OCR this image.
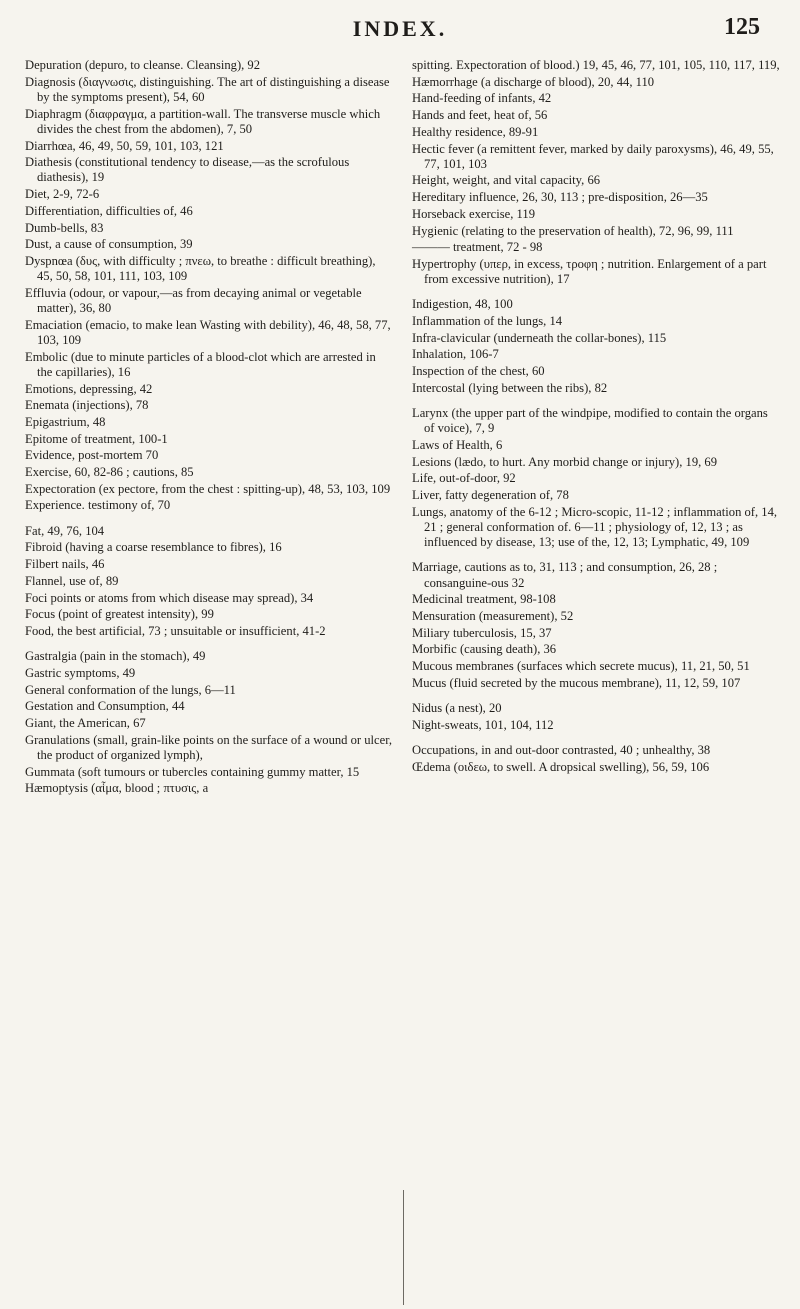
INDEX.	125

Depuration (depuro, to cleanse. Cleansing), 92

Diagnosis (διαγνωσις, distinguishing. The art of distinguishing a disease by the symptoms present), 54, 60

Diaphragm (διαφραγμα, a partition-wall. The transverse muscle which divides the chest from the abdomen), 7, 50

Diarrhœa, 46, 49, 50, 59, 101, 103, 121

Diathesis (constitutional tendency to disease,—as the scrofulous diathesis), 19

Diet, 2-9, 72-6

Differentiation, difficulties of, 46

Dumb-bells, 83

Dust, a cause of consumption, 39

Dyspnœa (δυς, with difficulty ; πνεω, to breathe : difficult breathing), 45, 50, 58, 101, 111, 103, 109

Effluvia (odour, or vapour,—as from decaying animal or vegetable matter), 36, 80

Emaciation (emacio, to make lean Wasting with debility), 46, 48, 58, 77, 103, 109

Embolic (due to minute particles of a blood-clot which are arrested in the capillaries), 16

Emotions, depressing, 42

Enemata (injections), 78

Epigastrium, 48

Epitome of treatment, 100-1

Evidence, post-mortem 70

Exercise, 60, 82-86 ; cautions, 85

Expectoration (ex pectore, from the chest : spitting-up), 48, 53, 103, 109

Experience. testimony of, 70

Fat, 49, 76, 104

Fibroid (having a coarse resemblance to fibres), 16

Filbert nails, 46

Flannel, use of, 89

Foci points or atoms from which disease may spread), 34

Focus (point of greatest intensity), 99

Food, the best artificial, 73 ; unsuitable or insufficient, 41-2

Gastralgia (pain in the stomach), 49

Gastric symptoms, 49

General conformation of the lungs, 6—11

Gestation and Consumption, 44

Giant, the American, 67

Granulations (small, grain-like points on the surface of a wound or ulcer, the product of organized lymph),

Gummata (soft tumours or tubercles containing gummy matter, 15

Hæmoptysis (αἷμα, blood ; πτυσις, a

spitting. Expectoration of blood.) 19, 45, 46, 77, 101, 105, 110, 117, 119,

Hæmorrhage (a discharge of blood), 20, 44, 110

Hand-feeding of infants, 42

Hands and feet, heat of, 56

Healthy residence, 89-91

Hectic fever (a remittent fever, marked by daily paroxysms), 46, 49, 55, 77, 101, 103

Height, weight, and vital capacity, 66

Hereditary influence, 26, 30, 113 ; pre-disposition, 26—35

Horseback exercise, 119

Hygienic (relating to the preservation of health), 72, 96, 99, 111

——— treatment, 72 - 98

Hypertrophy (υπερ, in excess, τροφη ; nutrition. Enlargement of a part from excessive nutrition), 17

Indigestion, 48, 100

Inflammation of the lungs, 14

Infra-clavicular (underneath the collar-bones), 115

Inhalation, 106-7

Inspection of the chest, 60

Intercostal (lying between the ribs), 82

Larynx (the upper part of the windpipe, modified to contain the organs of voice), 7, 9

Laws of Health, 6

Lesions (lædo, to hurt. Any morbid change or injury), 19, 69

Life, out-of-door, 92

Liver, fatty degeneration of, 78

Lungs, anatomy of the 6-12 ; Micro-scopic, 11-12 ; inflammation of, 14, 21 ; general conformation of. 6—11 ; physiology of, 12, 13 ; as influenced by disease, 13; use of the, 12, 13; Lymphatic, 49, 109

Marriage, cautions as to, 31, 113 ; and consumption, 26, 28 ; consanguine-ous 32

Medicinal treatment, 98-108

Mensuration (measurement), 52

Miliary tuberculosis, 15, 37

Morbific (causing death), 36

Mucous membranes (surfaces which secrete mucus), 11, 21, 50, 51

Mucus (fluid secreted by the mucous membrane), 11, 12, 59, 107

Nidus (a nest), 20

Night-sweats, 101, 104, 112

Occupations, in and out-door contrasted, 40 ; unhealthy, 38

Œdema (οιδεω, to swell. A dropsical swelling), 56, 59, 106
